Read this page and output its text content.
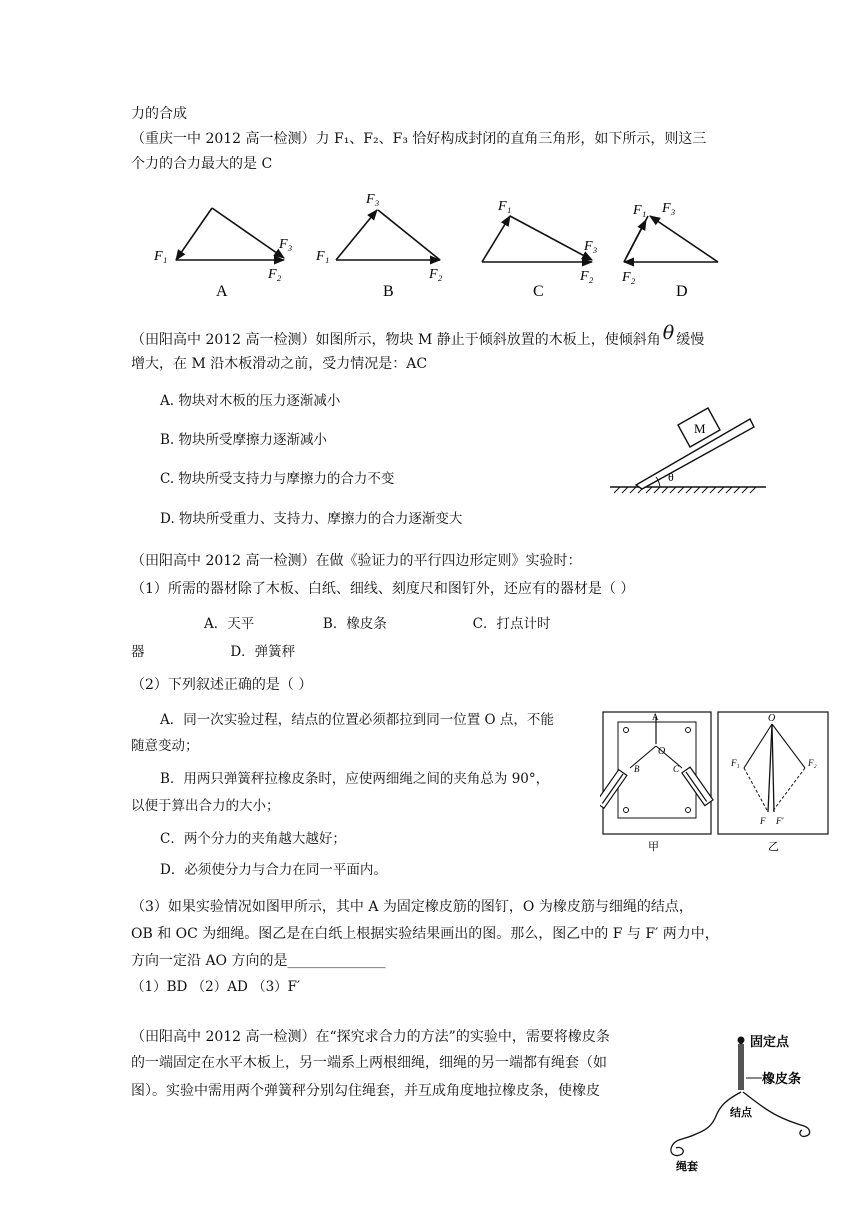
力的合成
（重庆一中 2012 高一检测）力 F₁、F₂、F₃ 恰好构成封闭的直角三角形，如下所示，则这三
个力的合力最大的是 C
F₁
F₃
F₂
A
F₃
F₁
F₂
B
F₁
F₃
F₂
C
F₁ F₃
F₂
D
（田阳高中 2012 高一检测）如图所示，物块 M 静止于倾斜放置的木板上，使倾斜角 θ 缓慢
增大，在 M 沿木板滑动之前，受力情况是：AC
A. 物块对木板的压力逐渐减小
B. 物块所受摩擦力逐渐减小
C. 物块所受支持力与摩擦力的合力不变
D. 物块所受重力、支持力、摩擦力的合力逐渐变大
M
θ
（田阳高中 2012 高一检测）在做《验证力的平行四边形定则》实验时：
（1）所需的器材除了木板、白纸、细线、刻度尺和图钉外，还应有的器材是（ ）
A．天平                B．橡皮条                    C．打点计时
器                    D．弹簧秤
（2）下列叙述正确的是（ ）
A．同一次实验过程，结点的位置必须都拉到同一位置 O 点，不能
随意变动；
B．用两只弹簧秤拉橡皮条时，应使两细绳之间的夹角总为 90°，
以便于算出合力的大小；
C．两个分力的夹角越大越好；
D．必须使分力与合力在同一平面内。
A
O
B	C
甲
O
F₁	F₂
F F′
乙
（3）如果实验情况如图甲所示，其中 A 为固定橡皮筋的图钉，O 为橡皮筋与细绳的结点，
OB 和 OC 为细绳。图乙是在白纸上根据实验结果画出的图。那么，图乙中的 F 与 F′ 两力中，
方向一定沿 AO 方向的是______________
（1）BD （2）AD （3）F′
（田阳高中 2012 高一检测）在“探究求合力的方法”的实验中，需要将橡皮条
的一端固定在水平木板上，另一端系上两根细绳，细绳的另一端都有绳套（如
图）。实验中需用两个弹簧秤分别勾住绳套，并互成角度地拉橡皮条，使橡皮
固定点
橡皮条
结点
绳套
